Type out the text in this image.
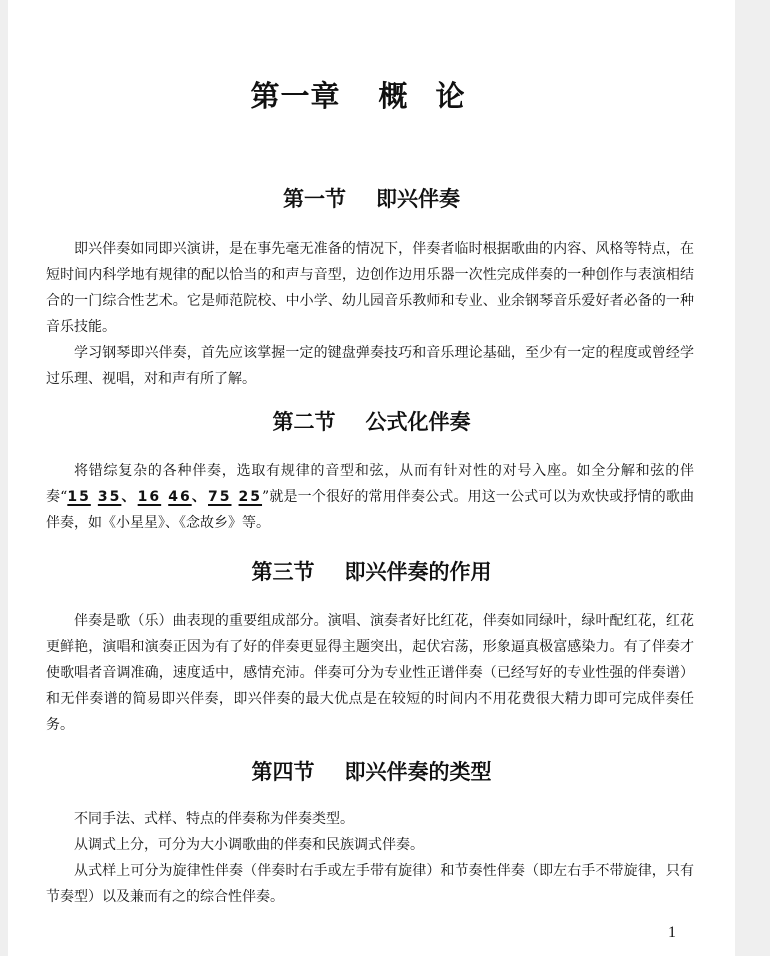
第一章 概论
第一节 即兴伴奏

即兴伴奏如同即兴演讲，是在事先毫无准备的情况下，伴奏者临时根据歌曲的内容、风格等特点，在短时间内科学地有规律的配以恰当的和声与音型，边创作边用乐器一次性完成伴奏的一种创作与表演相结合的一门综合性艺术。它是师范院校、中小学、幼儿园音乐教师和专业、业余钢琴音乐爱好者必备的一种音乐技能。

学习钢琴即兴伴奏，首先应该掌握一定的键盘弹奏技巧和音乐理论基础，至少有一定的程度或曾经学过乐理、视唱，对和声有所了解。

第二节 公式化伴奏

将错综复杂的各种伴奏，选取有规律的音型和弦，从而有针对性的对号入座。如全分解和弦的伴奏“15 35、16 46、75 25”就是一个很好的常用伴奏公式。用这一公式可以为欢快或抒情的歌曲伴奏，如《小星星》、《念故乡》等。

第三节 即兴伴奏的作用

伴奏是歌（乐）曲表现的重要组成部分。演唱、演奏者好比红花，伴奏如同绿叶，绿叶配红花，红花更鲜艳，演唱和演奏正因为有了好的伴奏更显得主题突出，起伏宕荡，形象逼真极富感染力。有了伴奏才使歌唱者音调准确，速度适中，感情充沛。伴奏可分为专业性正谱伴奏（已经写好的专业性强的伴奏谱）和无伴奏谱的简易即兴伴奏，即兴伴奏的最大优点是在较短的时间内不用花费很大精力即可完成伴奏任务。

第四节 即兴伴奏的类型

不同手法、式样、特点的伴奏称为伴奏类型。

从调式上分，可分为大小调歌曲的伴奏和民族调式伴奏。

从式样上可分为旋律性伴奏（伴奏时右手或左手带有旋律）和节奏性伴奏（即左右手不带旋律，只有节奏型）以及兼而有之的综合性伴奏。

1
